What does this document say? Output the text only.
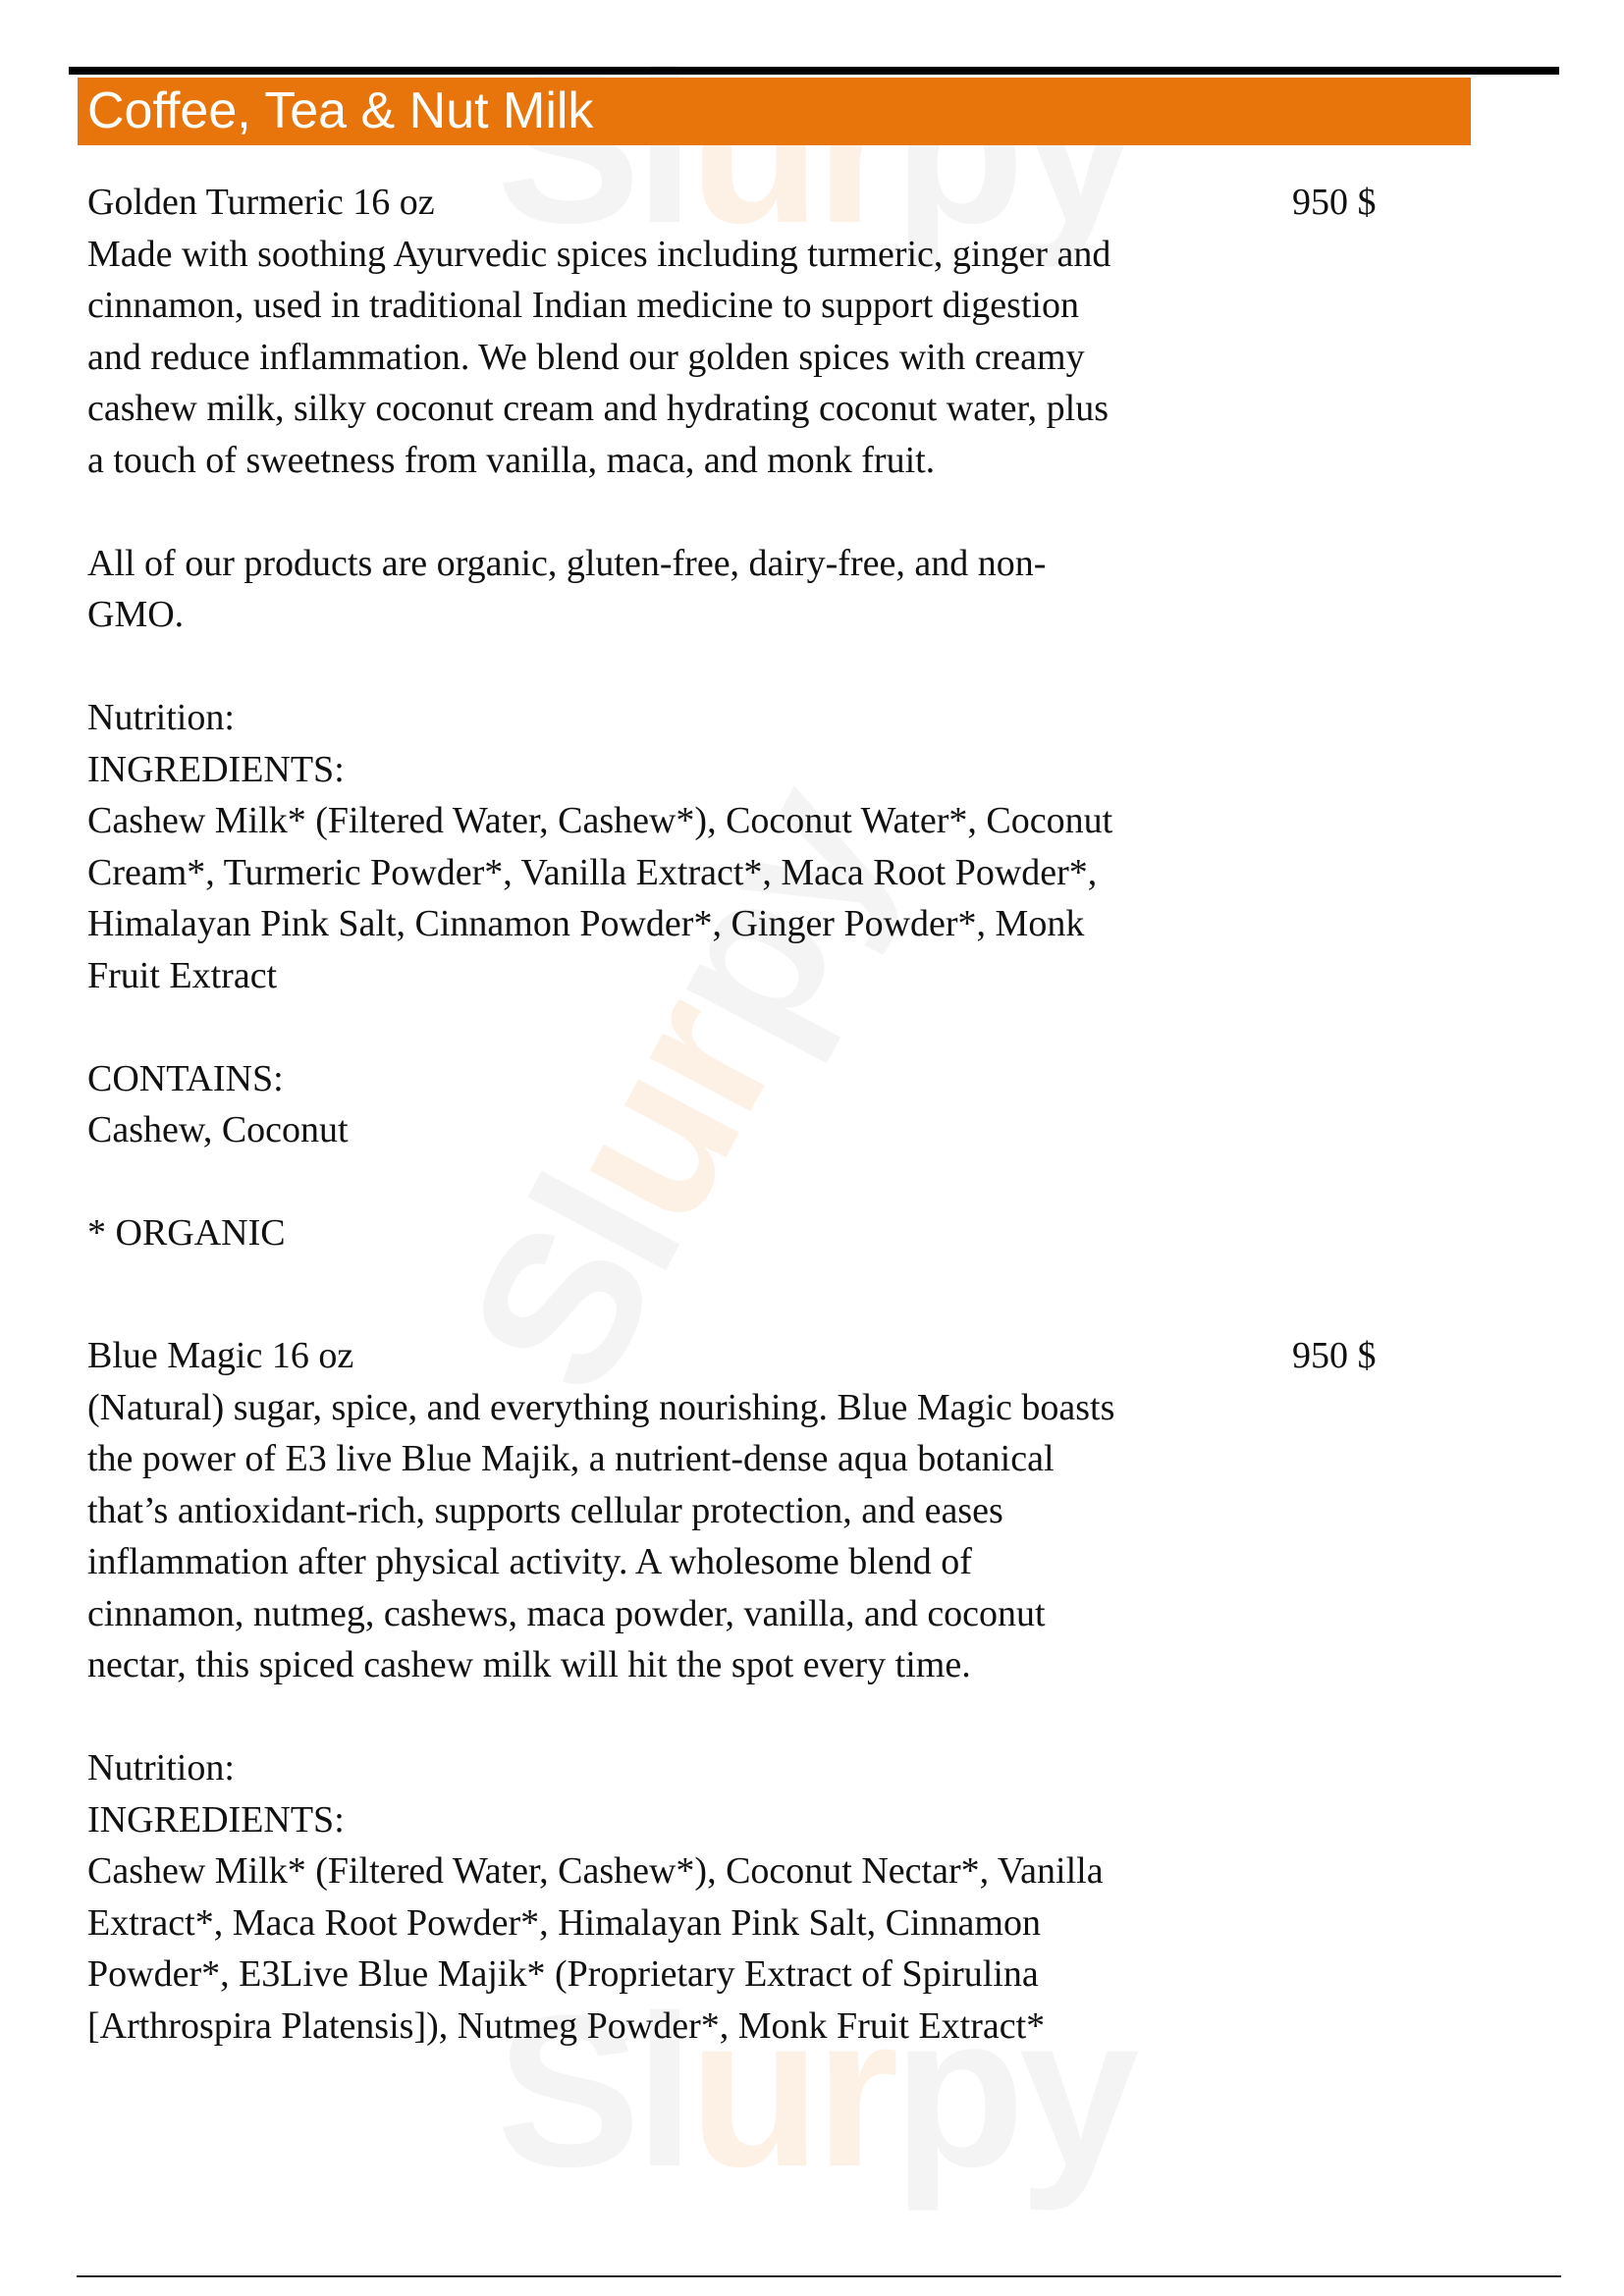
ur
ur
ur
Coffee, Tea & Nut Milk
Golden Turmeric 16 oz
Made with soothing Ayurvedic spices including turmeric, ginger and
cinnamon, used in traditional Indian medicine to support digestion
and reduce inflammation. We blend our golden spices with creamy
cashew milk, silky coconut cream and hydrating coconut water, plus
a touch of sweetness from vanilla, maca, and monk fruit.
All of our products are organic, gluten-free, dairy-free, and non-
GMO.
Nutrition:
INGREDIENTS:
Cashew Milk* (Filtered Water, Cashew*), Coconut Water*, Coconut
Cream*, Turmeric Powder*, Vanilla Extract*, Maca Root Powder*,
Himalayan Pink Salt, Cinnamon Powder*, Ginger Powder*, Monk
Fruit Extract
CONTAINS:
Cashew, Coconut
* ORGANIC
950 $
Blue Magic 16 oz
(Natural) sugar, spice, and everything nourishing. Blue Magic boasts
the power of E3 live Blue Majik, a nutrient-dense aqua botanical
that’s antioxidant-rich, supports cellular protection, and eases
inflammation after physical activity. A wholesome blend of
cinnamon, nutmeg, cashews, maca powder, vanilla, and coconut
nectar, this spiced cashew milk will hit the spot every time.
Nutrition:
INGREDIENTS:
Cashew Milk* (Filtered Water, Cashew*), Coconut Nectar*, Vanilla
Extract*, Maca Root Powder*, Himalayan Pink Salt, Cinnamon
Powder*, E3Live Blue Majik* (Proprietary Extract of Spirulina
[Arthrospira Platensis]), Nutmeg Powder*, Monk Fruit Extract*
950 $
